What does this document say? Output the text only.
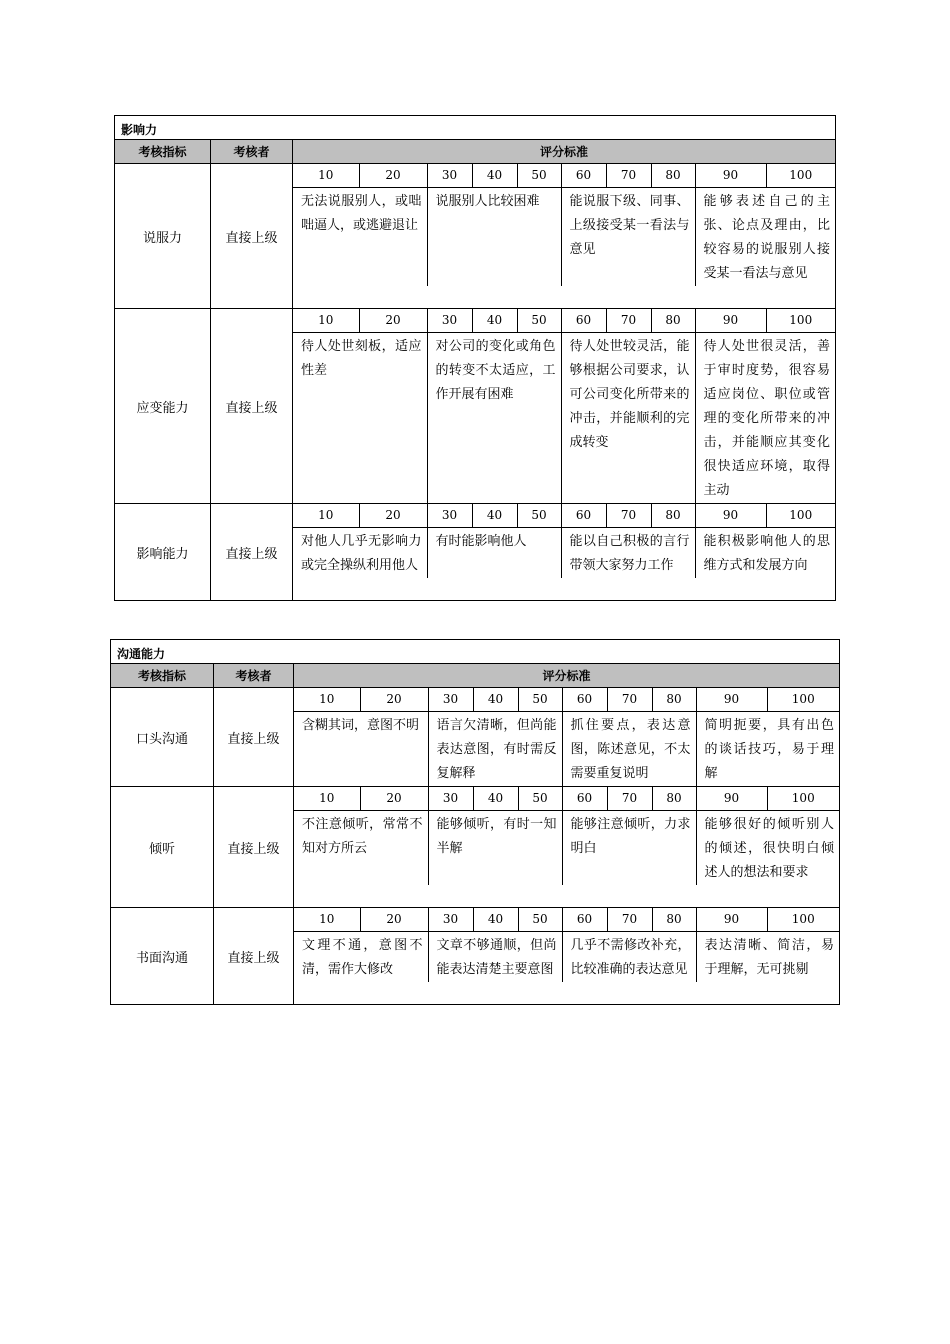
影响力
考核指标	考核者	评分标准
说服力	直接上级	
10	20	30	40	50	60	70	80	90	100
无法说服别人，或咄咄逼人，或逃避退让	说服别人比较困难	能说服下级、同事、上级接受某一看法与意见	能够表述自己的主张、论点及理由，比较容易的说服别人接受某一看法与意见

应变能力	直接上级	
10	20	30	40	50	60	70	80	90	100
待人处世刻板，适应性差	对公司的变化或角色的转变不太适应，工作开展有困难	待人处世较灵活，能够根据公司要求，认可公司变化所带来的冲击，并能顺利的完成转变	待人处世很灵活，善于审时度势，很容易适应岗位、职位或管理的变化所带来的冲击，并能顺应其变化很快适应环境，取得主动

影响能力	直接上级	
10	20	30	40	50	60	70	80	90	100
对他人几乎无影响力或完全操纵利用他人	有时能影响他人	能以自己积极的言行带领大家努力工作	能积极影响他人的思维方式和发展方向
沟通能力
考核指标	考核者	评分标准
口头沟通	直接上级	
10	20	30	40	50	60	70	80	90	100
含糊其词，意图不明	语言欠清晰，但尚能表达意图，有时需反复解释	抓住要点，表达意图，陈述意见，不太需要重复说明	简明扼要，具有出色的谈话技巧，易于理解

倾听	直接上级	
10	20	30	40	50	60	70	80	90	100
不注意倾听，常常不知对方所云	能够倾听，有时一知半解	能够注意倾听，力求明白	能够很好的倾听别人的倾述，很快明白倾述人的想法和要求

书面沟通	直接上级	
10	20	30	40	50	60	70	80	90	100
文理不通，意图不清，需作大修改	文章不够通顺，但尚能表达清楚主要意图	几乎不需修改补充，比较准确的表达意见	表达清晰、简洁，易于理解，无可挑剔
